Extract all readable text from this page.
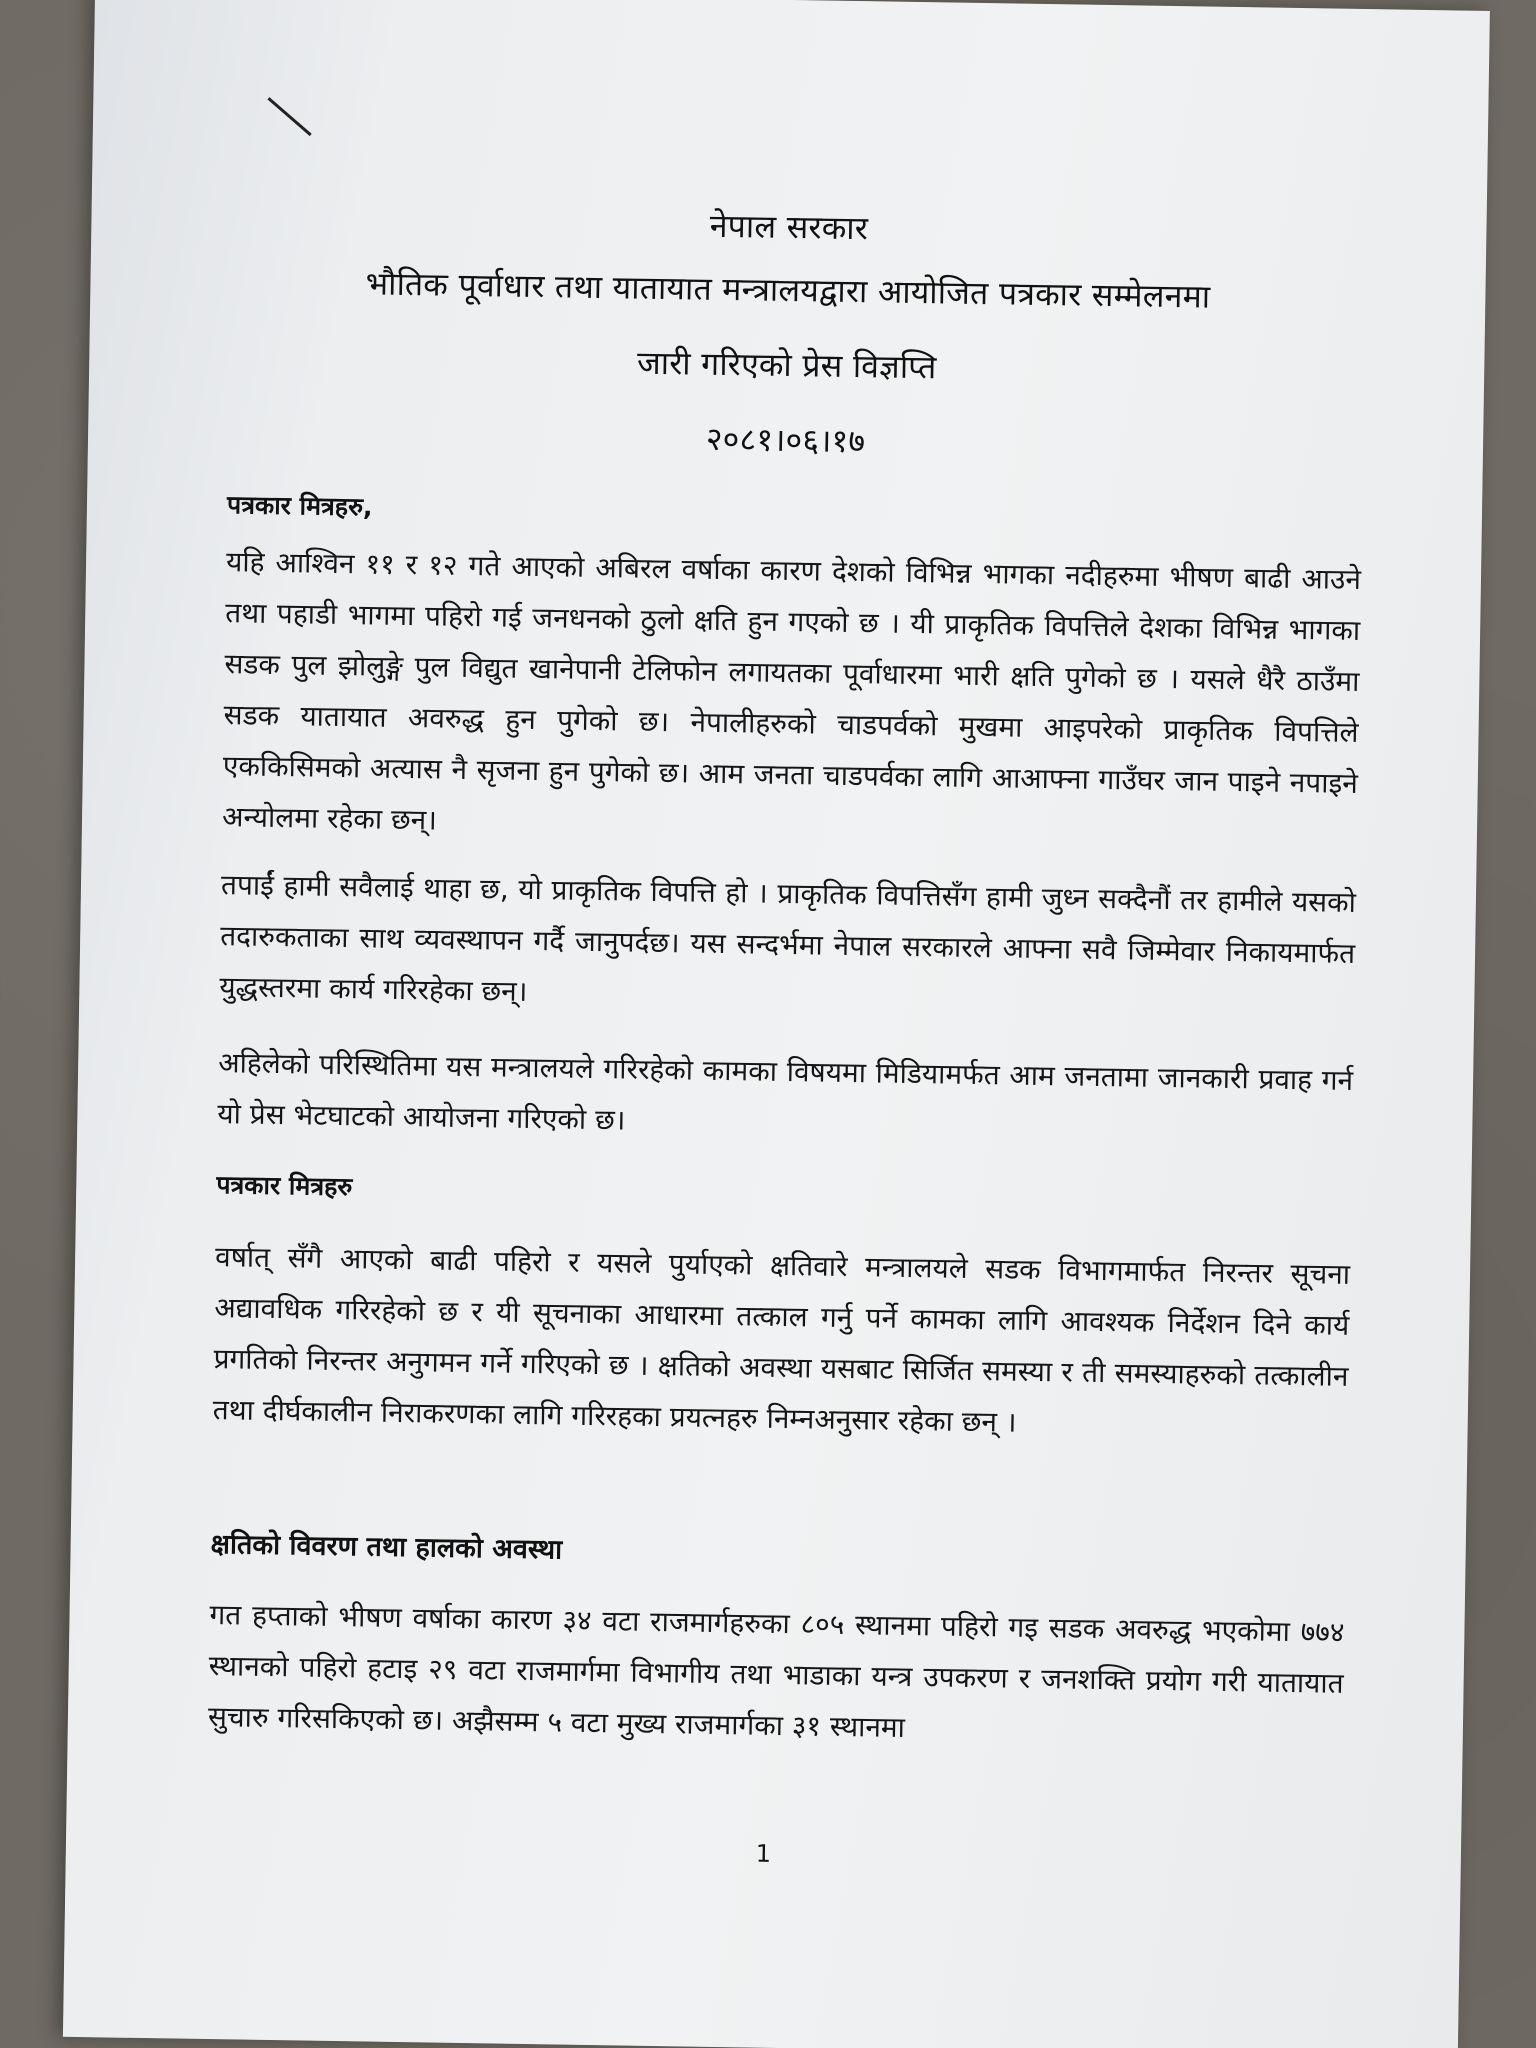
नेपाल सरकार
भौतिक पूर्वाधार तथा यातायात मन्त्रालयद्वारा आयोजित पत्रकार सम्मेलनमा
जारी गरिएको प्रेस विज्ञप्ति
२०८१।०६।१७
पत्रकार मित्रहरु,
यहि आश्विन ११ र १२ गते आएको अबिरल वर्षाका कारण देशको विभिन्न भागका नदीहरुमा भीषण बाढी आउने तथा पहाडी भागमा पहिरो गई जनधनको ठुलो क्षति हुन गएको छ । यी प्राकृतिक विपत्तिले देशका विभिन्न भागका सडक पुल झोलुङ्गे पुल विद्युत खानेपानी टेलिफोन लगायतका पूर्वाधारमा भारी क्षति पुगेको छ । यसले धैरै ठाउँमा सडक यातायात अवरुद्ध हुन पुगेको छ। नेपालीहरुको चाडपर्वको मुखमा आइपरेको प्राकृतिक विपत्तिले एककिसिमको अत्यास नै सृजना हुन पुगेको छ। आम जनता चाडपर्वका लागि आआफ्ना गाउँघर जान पाइने नपाइने अन्योलमा रहेका छन्।
तपाईं हामी सवैलाई थाहा छ, यो प्राकृतिक विपत्ति हो । प्राकृतिक विपत्तिसँग हामी जुध्न सक्दैनौं तर हामीले यसको तदारुकताका साथ व्यवस्थापन गर्दै जानुपर्दछ। यस सन्दर्भमा नेपाल सरकारले आफ्ना सवै जिम्मेवार निकायमार्फत युद्धस्तरमा कार्य गरिरहेका छन्।
अहिलेको परिस्थितिमा यस मन्त्रालयले गरिरहेको कामका विषयमा मिडियामर्फत आम जनतामा जानकारी प्रवाह गर्न यो प्रेस भेटघाटको आयोजना गरिएको छ।
पत्रकार मित्रहरु
वर्षात् सँगै आएको बाढी पहिरो र यसले पुर्याएको क्षतिवारे मन्त्रालयले सडक विभागमार्फत निरन्तर सूचना अद्यावधिक गरिरहेको छ र यी सूचनाका आधारमा तत्काल गर्नु पर्ने कामका लागि आवश्यक निर्देशन दिने कार्य प्रगतिको निरन्तर अनुगमन गर्ने गरिएको छ । क्षतिको अवस्था यसबाट सिर्जित समस्या र ती समस्याहरुको तत्कालीन तथा दीर्घकालीन निराकरणका लागि गरिरहका प्रयत्नहरु निम्नअनुसार रहेका छन् ।
क्षतिको विवरण तथा हालको अवस्था
गत हप्ताको भीषण वर्षाका कारण ३४ वटा राजमार्गहरुका ८०५ स्थानमा पहिरो गइ सडक अवरुद्ध भएकोमा ७७४ स्थानको पहिरो हटाइ २९ वटा राजमार्गमा विभागीय तथा भाडाका यन्त्र उपकरण र जनशक्ति प्रयोग गरी यातायात सुचारु गरिसकिएको छ। अझैसम्म ५ वटा मुख्य राजमार्गका ३१ स्थानमा
1
